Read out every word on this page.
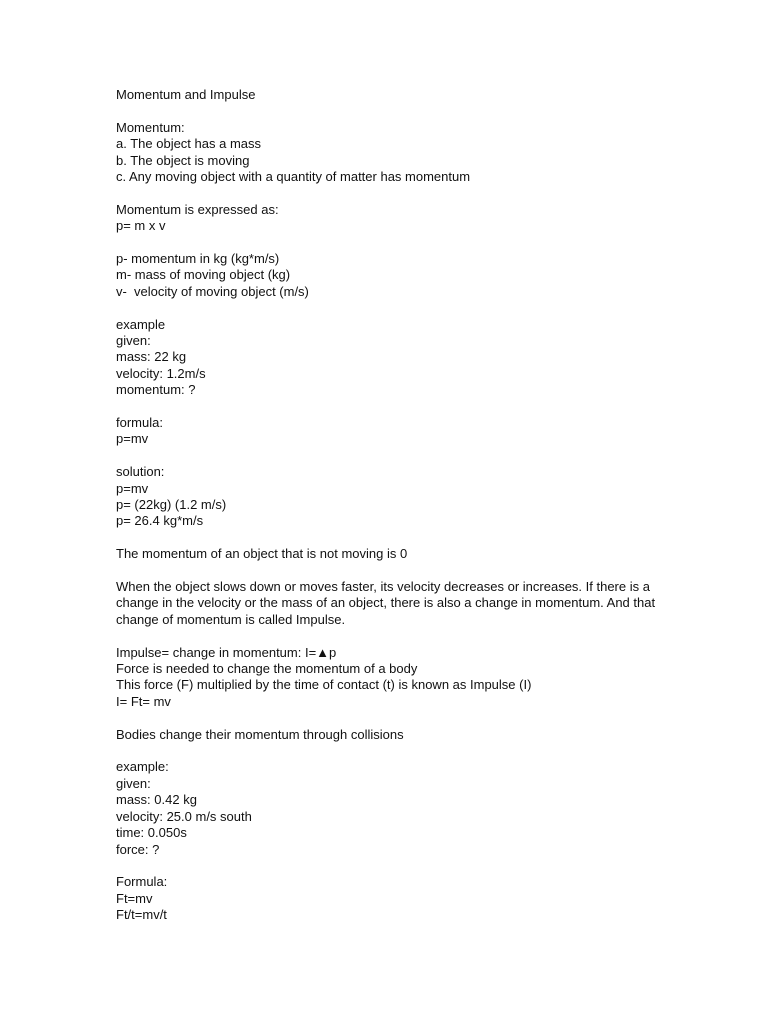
Momentum and Impulse
Momentum:
a. The object has a mass
b. The object is moving
c. Any moving object with a quantity of matter has momentum
Momentum is expressed as:
p= m x v
p- momentum in kg (kg*m/s)
m- mass of moving object (kg)
v-  velocity of moving object (m/s)
example
given:
mass: 22 kg
velocity: 1.2m/s
momentum: ?
formula:
p=mv
solution:
p=mv
p= (22kg) (1.2 m/s)
p= 26.4 kg*m/s
The momentum of an object that is not moving is 0
When the object slows down or moves faster, its velocity decreases or increases. If there is a change in the velocity or the mass of an object, there is also a change in momentum. And that change of momentum is called Impulse.
Impulse= change in momentum: I=▲p
Force is needed to change the momentum of a body
This force (F) multiplied by the time of contact (t) is known as Impulse (I)
I= Ft= mv
Bodies change their momentum through collisions
example:
given:
mass: 0.42 kg
velocity: 25.0 m/s south
time: 0.050s
force: ?
Formula:
Ft=mv
Ft/t=mv/t
